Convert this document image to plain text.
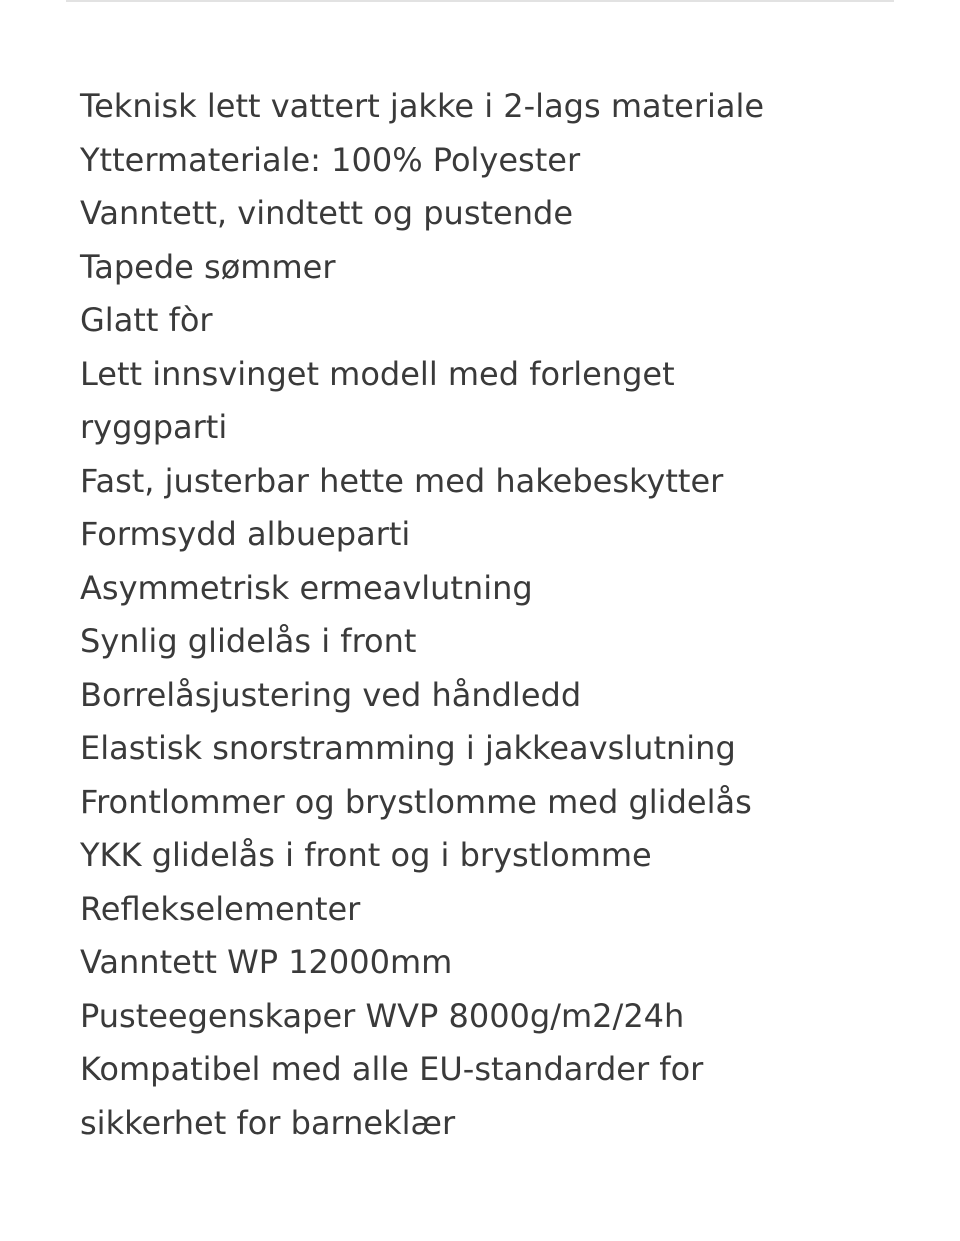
Teknisk lett vattert jakke i 2-lags materiale
Yttermateriale: 100% Polyester
Vanntett, vindtett og pustende
Tapede sømmer
Glatt fòr
Lett innsvinget modell med forlenget ryggparti
Fast, justerbar hette med hakebeskytter
Formsydd albueparti
Asymmetrisk ermeavlutning
Synlig glidelås i front
Borrelåsjustering ved håndledd
Elastisk snorstramming i jakkeavslutning
Frontlommer og brystlomme med glidelås
YKK glidelås i front og i brystlomme
Reflekselementer
Vanntett WP 12000mm
Pusteegenskaper WVP 8000g/m2/24h
Kompatibel med alle EU-standarder for sikkerhet for barneklær
